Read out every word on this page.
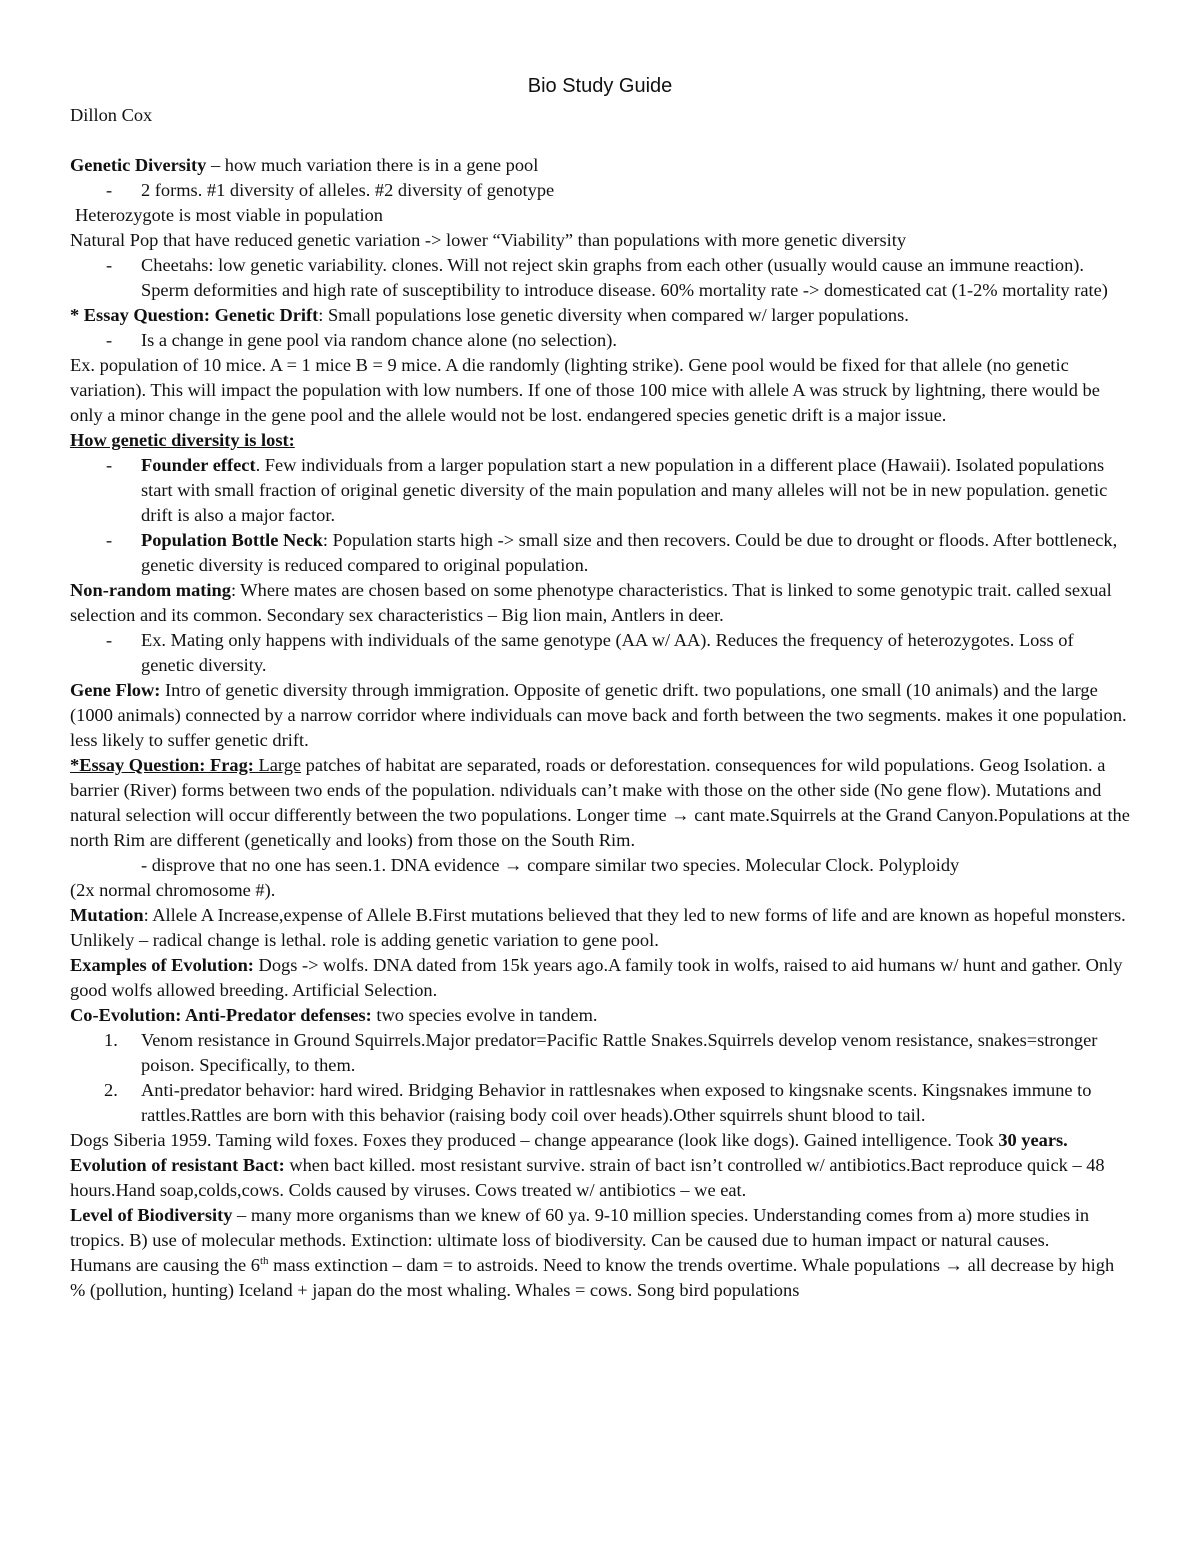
Bio Study Guide

Dillon Cox

Genetic Diversity – how much variation there is in a gene pool

- 2 forms. #1 diversity of alleles. #2 diversity of genotype

Heterozygote is most viable in population

Natural Pop that have reduced genetic variation -> lower “Viability” than populations with more genetic diversity

- Cheetahs: low genetic variability. clones. Will not reject skin graphs from each other (usually would cause an immune reaction). Sperm deformities and high rate of susceptibility to introduce disease. 60% mortality rate -> domesticated cat (1-2% mortality rate)

* Essay Question: Genetic Drift: Small populations lose genetic diversity when compared w/ larger populations.

- Is a change in gene pool via random chance alone (no selection).

Ex. population of 10 mice. A = 1 mice B = 9 mice. A die randomly (lighting strike). Gene pool would be fixed for that allele (no genetic variation). This will impact the population with low numbers. If one of those 100 mice with allele A was struck by lightning, there would be only a minor change in the gene pool and the allele would not be lost. endangered species genetic drift is a major issue.

How genetic diversity is lost:

- Founder effect. Few individuals from a larger population start a new population in a different place (Hawaii). Isolated populations start with small fraction of original genetic diversity of the main population and many alleles will not be in new population. genetic drift is also a major factor.

- Population Bottle Neck: Population starts high -> small size and then recovers. Could be due to drought or floods. After bottleneck, genetic diversity is reduced compared to original population.

Non-random mating: Where mates are chosen based on some phenotype characteristics. That is linked to some genotypic trait. called sexual selection and its common. Secondary sex characteristics – Big lion main, Antlers in deer.

- Ex. Mating only happens with individuals of the same genotype (AA w/ AA). Reduces the frequency of heterozygotes. Loss of genetic diversity.

Gene Flow: Intro of genetic diversity through immigration. Opposite of genetic drift. two populations, one small (10 animals) and the large (1000 animals) connected by a narrow corridor where individuals can move back and forth between the two segments. makes it one population. less likely to suffer genetic drift.

*Essay Question: Frag: Large patches of habitat are separated, roads or deforestation. consequences for wild populations. Geog Isolation. a barrier (River) forms between two ends of the population. ndividuals can’t make with those on the other side (No gene flow). Mutations and natural selection will occur differently between the two populations. Longer time → cant mate.Squirrels at the Grand Canyon.Populations at the north Rim are different (genetically and looks) from those on the South Rim.

- disprove that no one has seen.1. DNA evidence → compare similar two species. Molecular Clock. Polyploidy

(2x normal chromosome #).

Mutation: Allele A Increase,expense of Allele B.First mutations believed that they led to new forms of life and are known as hopeful monsters. Unlikely – radical change is lethal. role is adding genetic variation to gene pool.

Examples of Evolution: Dogs -> wolfs. DNA dated from 15k years ago.A family took in wolfs, raised to aid humans w/ hunt and gather. Only good wolfs allowed breeding. Artificial Selection.

Co-Evolution: Anti-Predator defenses: two species evolve in tandem.

1. Venom resistance in Ground Squirrels.Major predator=Pacific Rattle Snakes.Squirrels develop venom resistance, snakes=stronger poison. Specifically, to them.

2. Anti-predator behavior: hard wired. Bridging Behavior in rattlesnakes when exposed to kingsnake scents. Kingsnakes immune to rattles.Rattles are born with this behavior (raising body coil over heads).Other squirrels shunt blood to tail.

Dogs Siberia 1959. Taming wild foxes. Foxes they produced – change appearance (look like dogs). Gained intelligence. Took 30 years.

Evolution of resistant Bact: when bact killed. most resistant survive. strain of bact isn’t controlled w/ antibiotics.Bact reproduce quick – 48 hours.Hand soap,colds,cows. Colds caused by viruses. Cows treated w/ antibiotics – we eat.

Level of Biodiversity – many more organisms than we knew of 60 ya. 9-10 million species. Understanding comes from a) more studies in tropics. B) use of molecular methods. Extinction: ultimate loss of biodiversity. Can be caused due to human impact or natural causes.

Humans are causing the 6th mass extinction – dam = to astroids. Need to know the trends overtime. Whale populations → all decrease by high % (pollution, hunting) Iceland + japan do the most whaling. Whales = cows. Song bird populations
